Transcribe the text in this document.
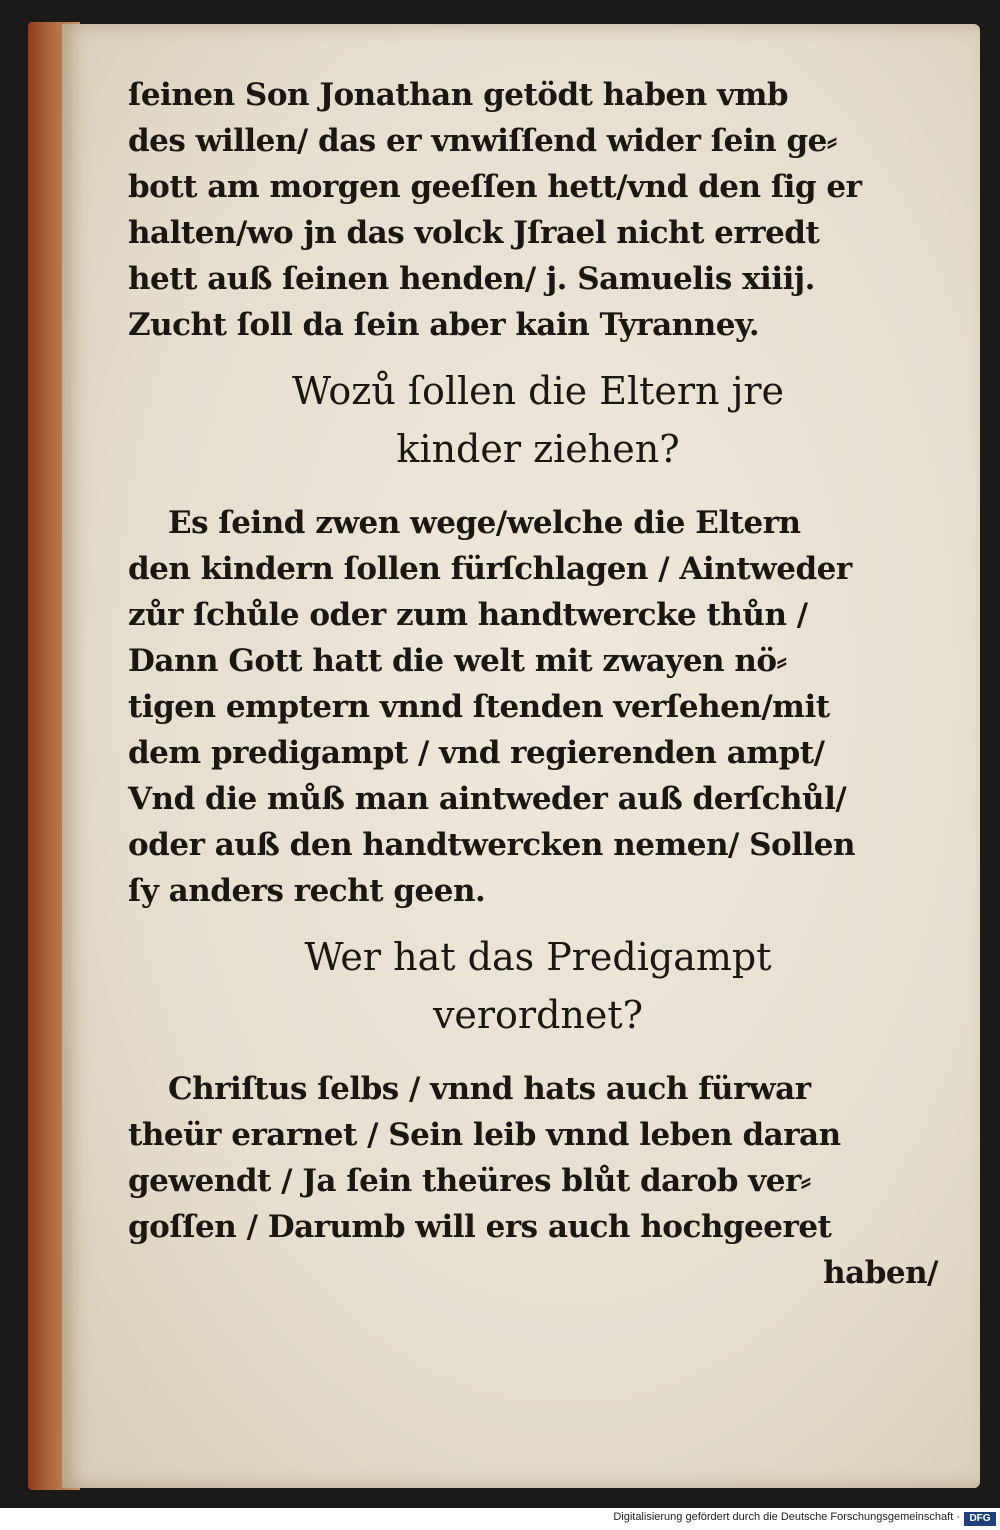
ſeinen Son Jonathan getödt haben vmb
des willen/ das er vnwiſſend wider ſein ge⸗
bott am morgen geeſſen hett/vnd den ſig er
halten/wo jn das volck Jſrael nicht erredt
hett auß ſeinen henden/ j. Samuelis xiiij.
Zucht ſoll da ſein aber kain Tyranney.
Wozů ſollen die Eltern jre
kinder ziehen?
Es ſeind zwen wege/welche die Eltern
den kindern ſollen fürſchlagen / Aintweder
zůr ſchůle oder zum handtwercke thůn /
Dann Gott hatt die welt mit zwayen nö⸗
tigen emptern vnnd ſtenden verſehen/mit
dem predigampt / vnd regierenden ampt/
Vnd die můß man aintweder auß derſchůl/
oder auß den handtwercken nemen/ Sollen
ſy anders recht geen.
Wer hat das Predigampt
verordnet?
Chriſtus ſelbs / vnnd hats auch fürwar
theür erarnet / Sein leib vnnd leben daran
gewendt / Ja ſein theüres blůt darob ver⸗
goſſen / Darumb will ers auch hochgeeret
haben/
Digitalisierung gefördert durch die Deutsche Forschungsgemeinschaft · DFG
